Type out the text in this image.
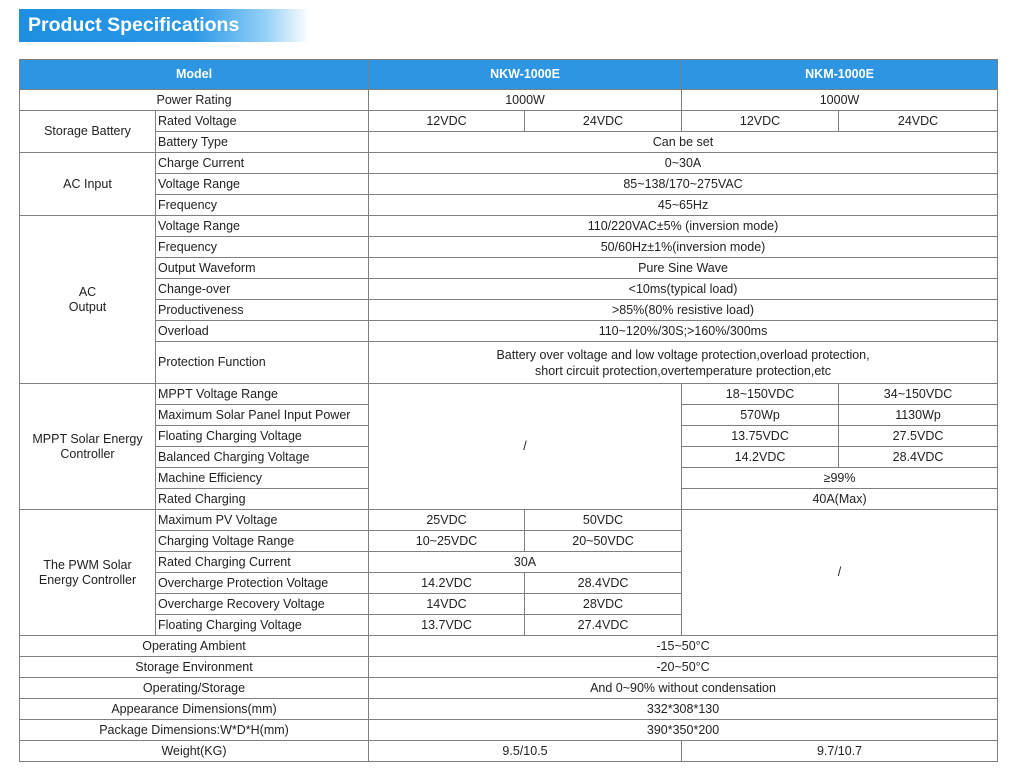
Product Specifications
Model		NKW-1000E		NKM-1000E	
Power Rating		1000W		1000W	
Storage Battery	Rated Voltage	12VDC	24VDC	12VDC	24VDC
	Battery Type	Can be set			
AC Input	Charge Current	0~30A			
	Voltage Range	85~138/170~275VAC			
	Frequency	45~65Hz			
AC
Output	Voltage Range	110/220VAC±5% (inversion mode)			
	Frequency	50/60Hz±1%(inversion mode)			
	Output Waveform	Pure Sine Wave			
	Change-over	<10ms(typical load)			
	Productiveness	>85%(80% resistive load)			
	Overload	110~120%/30S;>160%/300ms			
	Protection Function	Battery over voltage and low voltage protection,overload protection,
short circuit protection,overtemperature protection,etc			
MPPT Solar Energy
Controller	MPPT Voltage Range	/		18~150VDC	34~150VDC
	Maximum Solar Panel Input Power			570Wp	1130Wp
	Floating Charging Voltage			13.75VDC	27.5VDC
	Balanced Charging Voltage			14.2VDC	28.4VDC
	Machine Efficiency			≥99%	
	Rated Charging			40A(Max)	
The PWM Solar
Energy Controller	Maximum PV Voltage	25VDC	50VDC	/	
	Charging Voltage Range	10~25VDC	20~50VDC		
	Rated Charging Current	30A			
	Overcharge Protection Voltage	14.2VDC	28.4VDC		
	Overcharge Recovery Voltage	14VDC	28VDC		
	Floating Charging Voltage	13.7VDC	27.4VDC		
Operating Ambient		-15~50°C			
Storage Environment		-20~50°C			
Operating/Storage		And 0~90% without condensation			
Appearance Dimensions(mm)		332*308*130			
Package Dimensions:W*D*H(mm)		390*350*200			
Weight(KG)		9.5/10.5		9.7/10.7	
